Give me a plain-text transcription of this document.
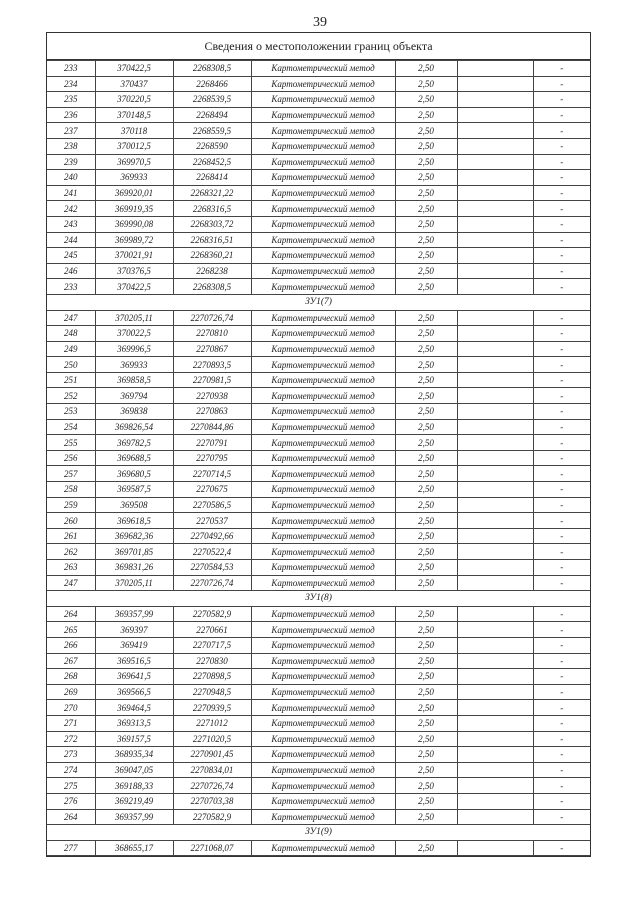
39
Сведения о местоположении границ объекта
233	370422,5	2268308,5	Картометрический метод	2,50		-
234	370437	2268466	Картометрический метод	2,50		-
235	370220,5	2268539,5	Картометрический метод	2,50		-
236	370148,5	2268494	Картометрический метод	2,50		-
237	370118	2268559,5	Картометрический метод	2,50		-
238	370012,5	2268590	Картометрический метод	2,50		-
239	369970,5	2268452,5	Картометрический метод	2,50		-
240	369933	2268414	Картометрический метод	2,50		-
241	369920,01	2268321,22	Картометрический метод	2,50		-
242	369919,35	2268316,5	Картометрический метод	2,50		-
243	369990,08	2268303,72	Картометрический метод	2,50		-
244	369989,72	2268316,51	Картометрический метод	2,50		-
245	370021,91	2268360,21	Картометрический метод	2,50		-
246	370376,5	2268238	Картометрический метод	2,50		-
233	370422,5	2268308,5	Картометрический метод	2,50		-
ЗУ1(7)						
247	370205,11	2270726,74	Картометрический метод	2,50		-
248	370022,5	2270810	Картометрический метод	2,50		-
249	369996,5	2270867	Картометрический метод	2,50		-
250	369933	2270893,5	Картометрический метод	2,50		-
251	369858,5	2270981,5	Картометрический метод	2,50		-
252	369794	2270938	Картометрический метод	2,50		-
253	369838	2270863	Картометрический метод	2,50		-
254	369826,54	2270844,86	Картометрический метод	2,50		-
255	369782,5	2270791	Картометрический метод	2,50		-
256	369688,5	2270795	Картометрический метод	2,50		-
257	369680,5	2270714,5	Картометрический метод	2,50		-
258	369587,5	2270675	Картометрический метод	2,50		-
259	369508	2270586,5	Картометрический метод	2,50		-
260	369618,5	2270537	Картометрический метод	2,50		-
261	369682,36	2270492,66	Картометрический метод	2,50		-
262	369701,85	2270522,4	Картометрический метод	2,50		-
263	369831,26	2270584,53	Картометрический метод	2,50		-
247	370205,11	2270726,74	Картометрический метод	2,50		-
ЗУ1(8)						
264	369357,99	2270582,9	Картометрический метод	2,50		-
265	369397	2270661	Картометрический метод	2,50		-
266	369419	2270717,5	Картометрический метод	2,50		-
267	369516,5	2270830	Картометрический метод	2,50		-
268	369641,5	2270898,5	Картометрический метод	2,50		-
269	369566,5	2270948,5	Картометрический метод	2,50		-
270	369464,5	2270939,5	Картометрический метод	2,50		-
271	369313,5	2271012	Картометрический метод	2,50		-
272	369157,5	2271020,5	Картометрический метод	2,50		-
273	368935,34	2270901,45	Картометрический метод	2,50		-
274	369047,05	2270834,01	Картометрический метод	2,50		-
275	369188,33	2270726,74	Картометрический метод	2,50		-
276	369219,49	2270703,38	Картометрический метод	2,50		-
264	369357,99	2270582,9	Картометрический метод	2,50		-
ЗУ1(9)						
277	368655,17	2271068,07	Картометрический метод	2,50		-
